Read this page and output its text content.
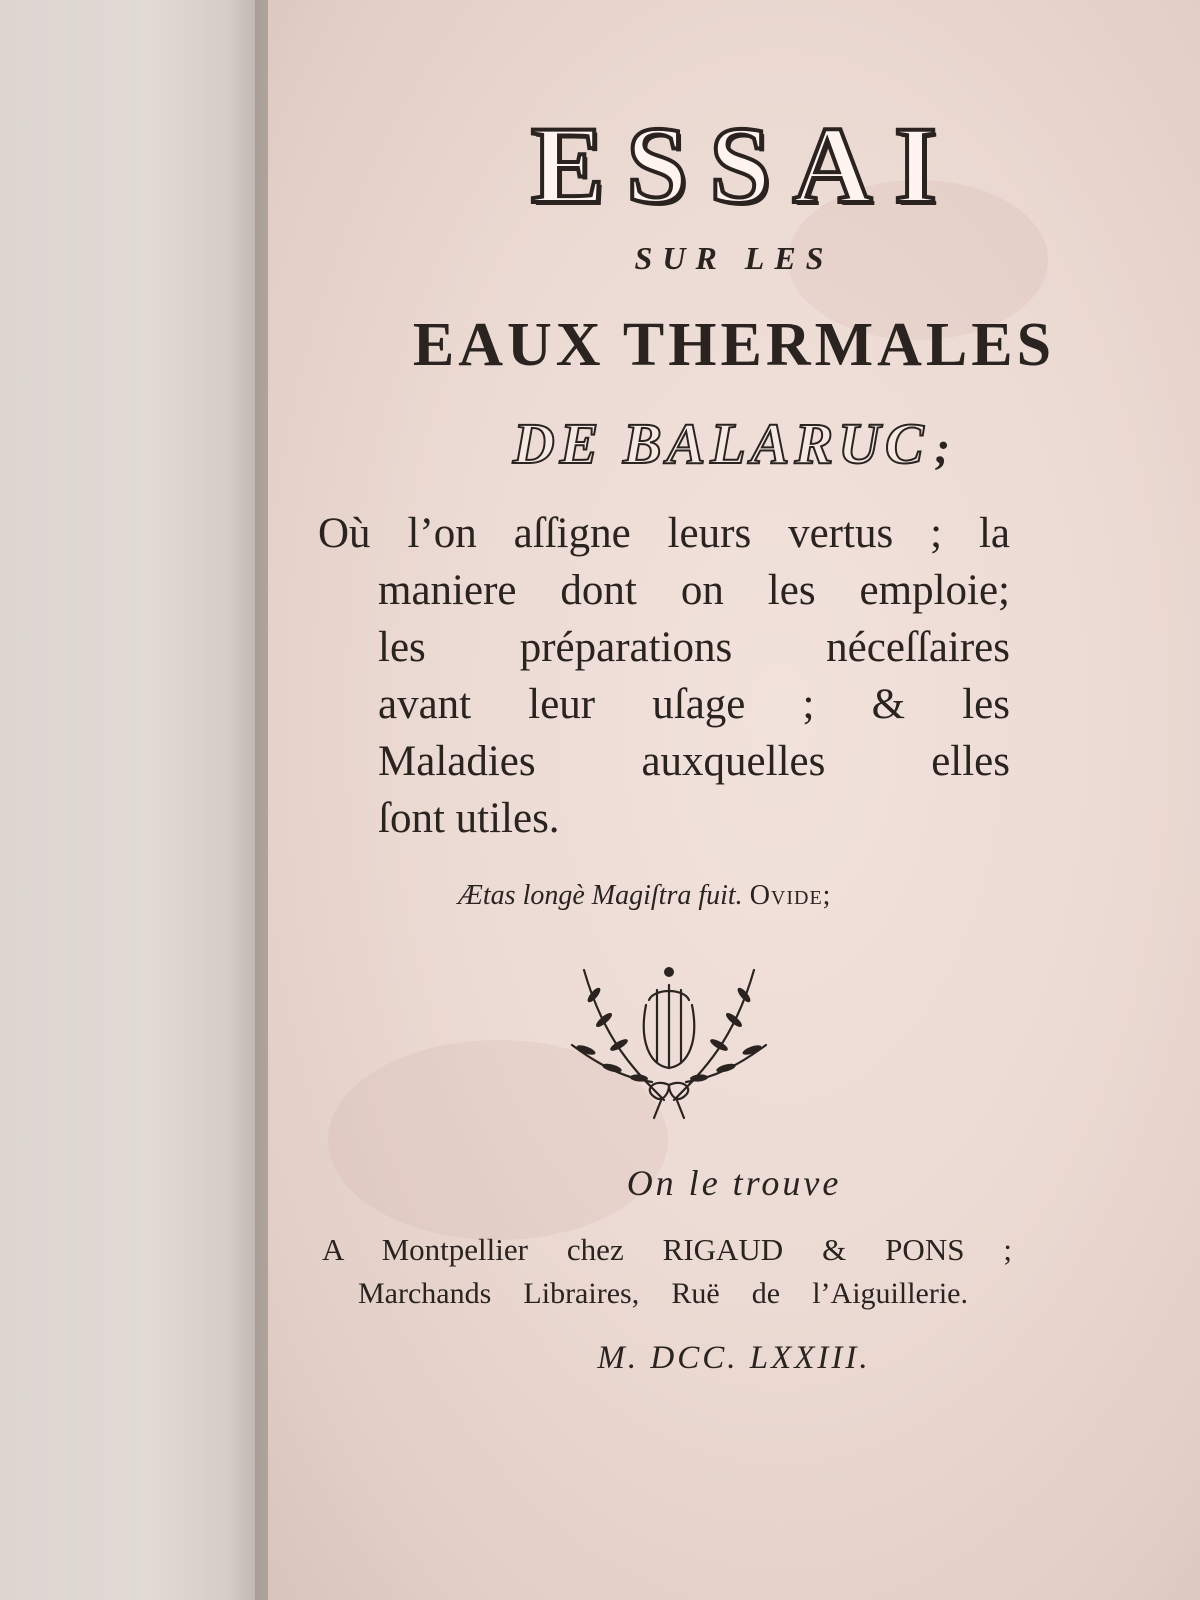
ESSAI
SUR LES
EAUX THERMALES
DE BALARUC ;
Où l’on aſſigne leurs vertus ; la
maniere dont on les emploie;
les préparations néceſſaires
avant leur uſage ; & les
Maladies auxquelles elles
ſont utiles.
Ætas longè Magiſtra fuit. Ovide;
On le trouve
A Montpellier chez RIGAUD & PONS ;
Marchands Libraires, Ruë de l’Aiguillerie.
M. DCC. LXXIII.
